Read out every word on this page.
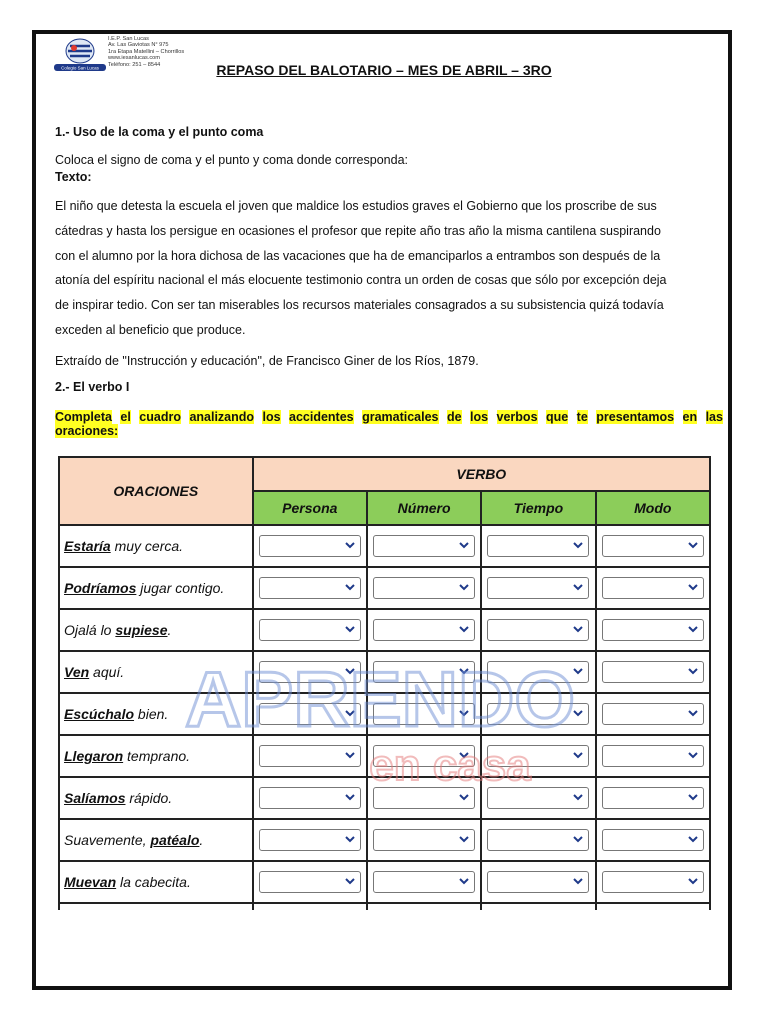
Colegio San Lucas
I.E.P. San Lucas
Av. Las Gaviotas N° 975
1ra Etapa Matellini – Chorrillos
www.iesanlucas.com
Teléfono: 251 – 8544	REPASO DEL BALOTARIO – MES DE ABRIL – 3RO
1.- Uso de la coma y el punto coma
Coloca el signo de coma y el punto y coma donde corresponda:
Texto:
El niño que detesta la escuela el joven que maldice los estudios graves el Gobierno que los proscribe de sus
cátedras y hasta los persigue en ocasiones el profesor que repite año tras año la misma cantilena suspirando
con el alumno por la hora dichosa de las vacaciones que ha de emanciparlos a entrambos son después de la
atonía del espíritu nacional el más elocuente testimonio contra un orden de cosas que sólo por excepción deja
de inspirar tedio. Con ser tan miserables los recursos materiales consagrados a su subsistencia quizá todavía
exceden al beneficio que produce.
Extraído de "Instrucción y educación", de Francisco Giner de los Ríos, 1879.
2.- El verbo I
Completa el cuadro analizando los accidentes gramaticales de los verbos que te presentamos en las
oraciones:
ORACIONES	VERBO			
	Persona	Número	Tiempo	Modo
Estaría muy cerca.	

Podríamos jugar contigo.	

Ojalá lo supiese.	

Ven aquí.	

Escúchalo bien.	

Llegaron temprano.	

Salíamos rápido.	

Suavemente, patéalo.	

Muevan la cabecita.	

APRENDO
en casa
